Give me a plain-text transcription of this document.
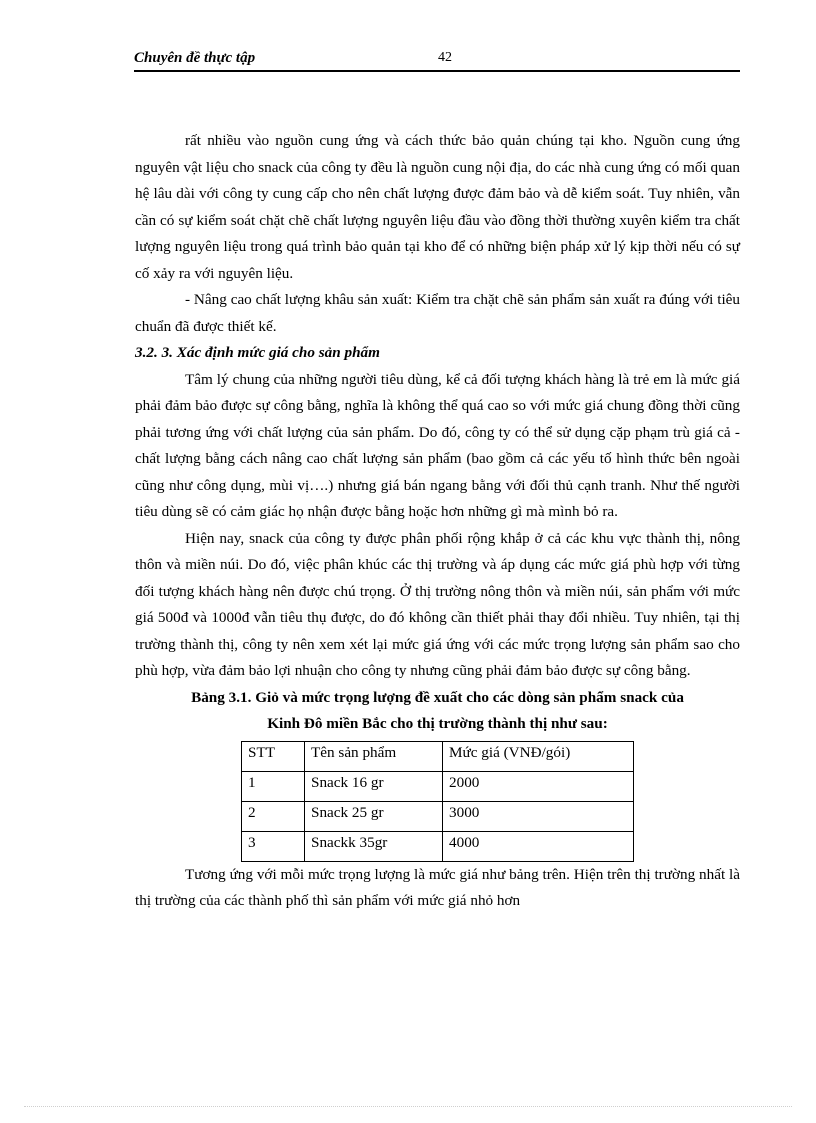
Chuyên đề thực tập	42

rất nhiều vào nguồn cung ứng và cách thức bảo quản chúng tại kho. Nguồn cung ứng nguyên vật liệu cho snack của công ty đều là nguồn cung nội địa, do các nhà cung ứng có mối quan hệ lâu dài với công ty cung cấp cho nên chất lượng được đảm bảo và dễ kiểm soát. Tuy nhiên, vẫn cần có sự kiểm soát chặt chẽ chất lượng nguyên liệu đầu vào đồng thời thường xuyên kiểm tra chất lượng nguyên liệu trong quá trình bảo quản tại kho để có những biện pháp xử lý kịp thời nếu có sự cố xảy ra với nguyên liệu.

- Nâng cao chất lượng khâu sản xuất: Kiểm tra chặt chẽ sản phẩm sản xuất ra đúng với tiêu chuẩn đã được thiết kế.

3.2. 3. Xác định mức giá cho sản phẩm

Tâm lý chung của những người tiêu dùng, kể cả đối tượng khách hàng là trẻ em là mức giá phải đảm bảo được sự công bằng, nghĩa là không thể quá cao so với mức giá chung đồng thời cũng phải tương ứng với chất lượng của sản phẩm. Do đó, công ty có thể sử dụng cặp phạm trù giá cả - chất lượng bằng cách nâng cao chất lượng sản phẩm (bao gồm cả các yếu tố hình thức bên ngoài cũng như công dụng, mùi vị….) nhưng giá bán ngang bằng với đối thủ cạnh tranh. Như thế người tiêu dùng sẽ có cảm giác họ nhận được bằng hoặc hơn những gì mà mình bỏ ra.

Hiện nay, snack của công ty được phân phối rộng khắp ở cả các khu vực thành thị, nông thôn và miền núi. Do đó, việc phân khúc các thị trường và áp dụng các mức giá phù hợp với từng đối tượng khách hàng nên được chú trọng. Ở thị trường nông thôn và miền núi, sản phẩm với mức giá 500đ và 1000đ vẫn tiêu thụ được, do đó không cần thiết phải thay đổi nhiều. Tuy nhiên, tại thị trường thành thị, công ty nên xem xét lại mức giá ứng với các mức trọng lượng sản phẩm sao cho phù hợp, vừa đảm bảo lợi nhuận cho công ty nhưng cũng phải đảm bảo được sự công bằng.

Bảng 3.1. Giỏ và mức trọng lượng đề xuất cho các dòng sản phẩm snack của

Kinh Đô miền Bắc cho thị trường thành thị như sau:

STT	Tên sản phẩm	Mức giá (VNĐ/gói)
1	Snack 16 gr	2000
2	Snack 25 gr	3000
3	Snackk 35gr	4000

Tương ứng với mỗi mức trọng lượng là mức giá như bảng trên. Hiện trên thị trường nhất là thị trường của các thành phố thì sản phẩm với mức giá nhỏ hơn
